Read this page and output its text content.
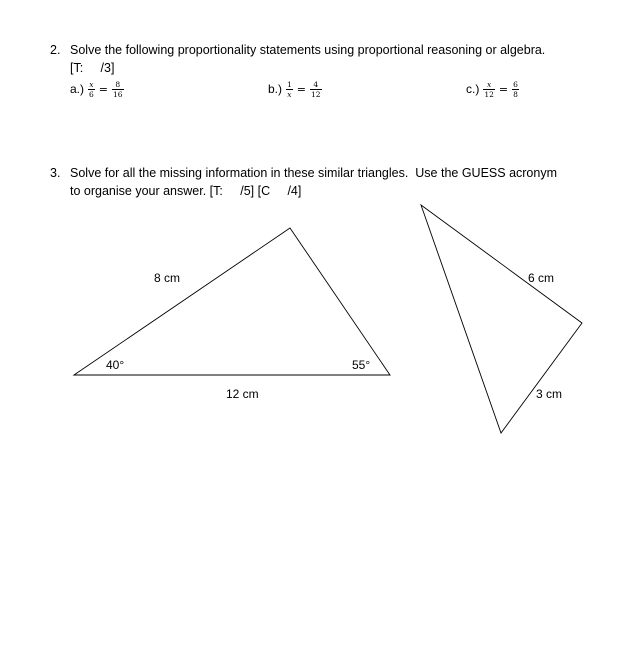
2. Solve the following proportionality statements using proportional reasoning or algebra.
[T:     /3]
$a.) \frac{x}{6} = \frac{8}{16}$	$b.) \frac{1}{x} = \frac{4}{12}$	$c.) \frac{x}{12} = \frac{6}{8}$
3. Solve for all the missing information in these similar triangles.  Use the GUESS acronym
to organise your answer. [T:     /5] [C     /4]
8 cm
12 cm
40°	55°
6 cm
3 cm
